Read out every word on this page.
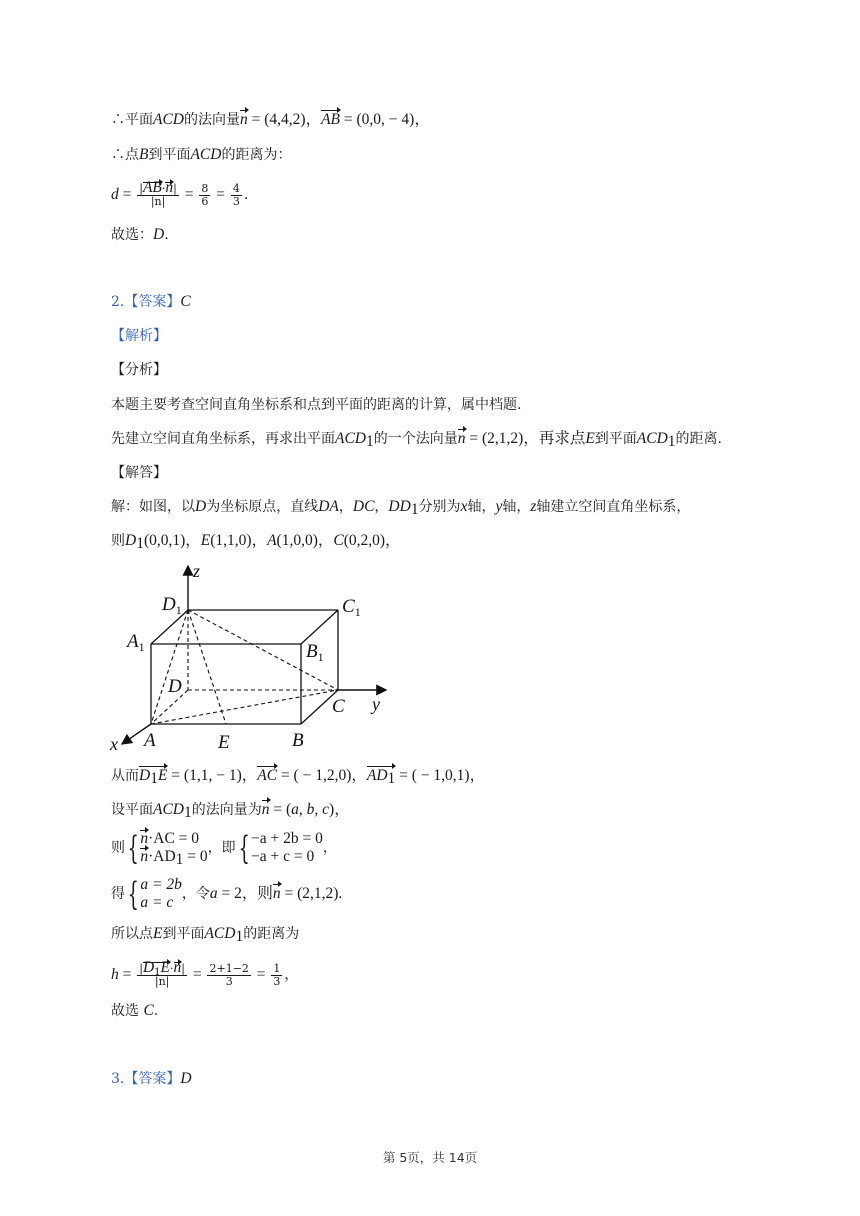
∴平面ACD的法向量n = (4,4,2)，AB = (0,0, − 4)，
∴点B到平面ACD的距离为：
$d = \frac{|AB\cdot n|}{|n|} = \frac{8}{6} = \frac{4}{3}$ .
故选：D.
2.【答案】C
【解析】
【分析】
本题主要考查空间直角坐标系和点到平面的距离的计算，属中档题.
先建立空间直角坐标系，再求出平面$ACD_1$的一个法向量n = (2,1,2)，再求点E到平面$ACD_1$的距离.
【解答】
解：如图，以D为坐标原点，直线DA，DC，$DD_1$分别为x轴，y轴，z轴建立空间直角坐标系，
则$D_1(0,0,1)$，E(1,1,0)，A(1,0,0)，C(0,2,0)，
z
y
x
$D_1$	$C_1$
$A_1$	$B_1$
D
C
A	E	B
从而$D_1E = (1,1$, − 1)，AC = ( − 1,2,0)，$AD_1$ = ( − 1,0,1)，
设平面$ACD_1$的法向量为n = (a, b, c)，
则 { n·AC = 0
$n\cdot AD_1 = 0$ ，即 { −a + 2b = 0
−a + c = 0 ，
得 { a = 2b
a = c ，令a = 2，则n = (2,1,2).
所以点E到平面$ACD_1$的距离为
$h = \frac{|D_1E\cdot n|}{|n|} = \frac{2+1-2}{3} = \frac{1}{3}$ ，
故选 C.
3.【答案】D
第 5页，共 14页
